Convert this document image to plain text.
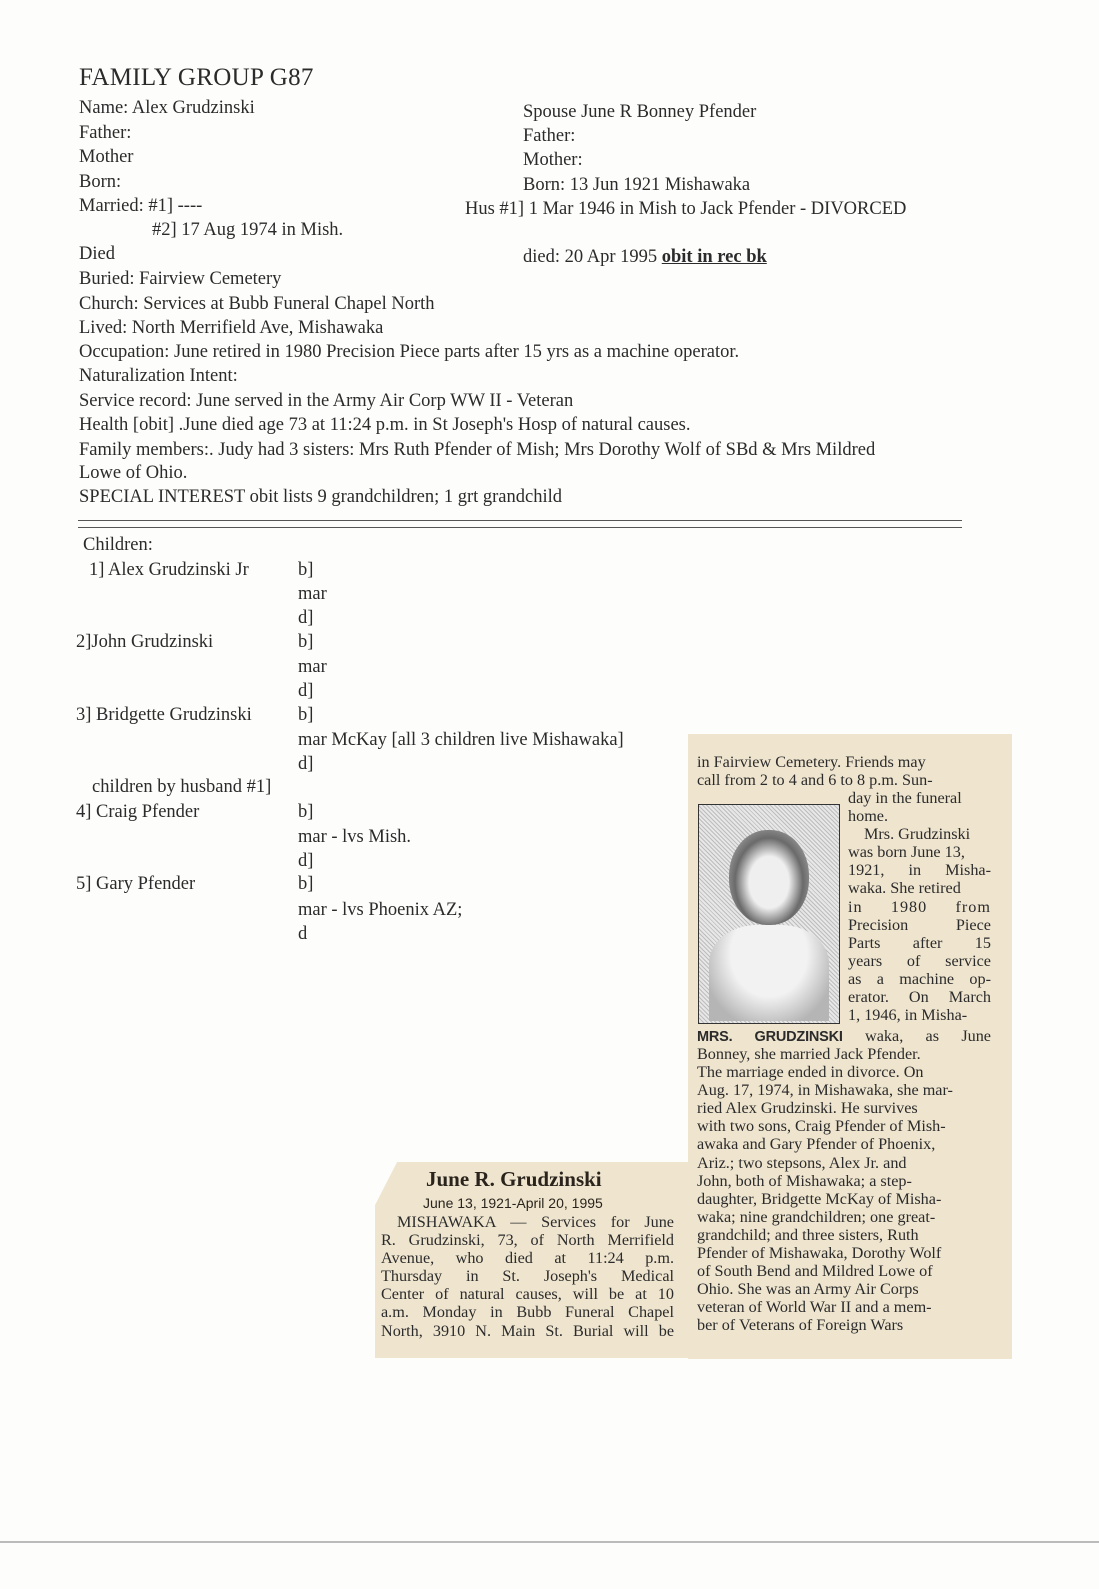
FAMILY GROUP G87
Name: Alex Grudzinski
Father:
Mother
Born:
Married: #1] ----
#2] 17 Aug 1974 in Mish.
Died
Spouse June R Bonney Pfender
Father:
Mother:
Born: 13 Jun 1921 Mishawaka
Hus #1] 1 Mar 1946 in Mish to Jack Pfender - DIVORCED
died: 20 Apr 1995 obit in rec bk
Buried: Fairview Cemetery
Church: Services at Bubb Funeral Chapel North
Lived: North Merrifield Ave, Mishawaka
Occupation: June retired in 1980 Precision Piece parts after 15 yrs as a machine operator.
Naturalization Intent:
Service record: June served in the Army Air Corp WW II - Veteran
Health [obit] .June died age 73 at 11:24 p.m. in St Joseph's Hosp of natural causes.
Family members:. Judy had 3 sisters: Mrs Ruth Pfender of Mish; Mrs Dorothy Wolf of SBd & Mrs Mildred
Lowe of Ohio.
SPECIAL INTEREST obit lists 9 grandchildren; 1 grt grandchild
Children:
1] Alex Grudzinski Jr	b]
mar
d]
2]John Grudzinski	b]
mar
d]
3] Bridgette Grudzinski	b]
mar McKay [all 3 children live Mishawaka]
d]
children by husband #1]
4] Craig Pfender	b]
mar - lvs Mish.
d]
5] Gary Pfender	b]
mar - lvs Phoenix AZ;
d
June R. Grudzinski
June 13, 1921-April 20, 1995
MISHAWAKA — Services for June
R. Grudzinski, 73, of North Merrifield
Avenue, who died at 11:24 p.m.
Thursday in St. Joseph's Medical
Center of natural causes, will be at 10
a.m. Monday in Bubb Funeral Chapel
North, 3910 N. Main St. Burial will be
in Fairview Cemetery. Friends may
call from 2 to 4 and 6 to 8 p.m. Sun-
day in the funeral
home.
Mrs. Grudzinski
was born June 13,
1921, in Misha-
waka. She retired
in 1980 from
Precision Piece
Parts after 15
years of service
as a machine op-
erator. On March
1, 1946, in Misha-
MRS. GRUDZINSKI waka, as June
Bonney, she married Jack Pfender.
The marriage ended in divorce. On
Aug. 17, 1974, in Mishawaka, she mar-
ried Alex Grudzinski. He survives
with two sons, Craig Pfender of Mish-
awaka and Gary Pfender of Phoenix,
Ariz.; two stepsons, Alex Jr. and
John, both of Mishawaka; a step-
daughter, Bridgette McKay of Misha-
waka; nine grandchildren; one great-
grandchild; and three sisters, Ruth
Pfender of Mishawaka, Dorothy Wolf
of South Bend and Mildred Lowe of
Ohio. She was an Army Air Corps
veteran of World War II and a mem-
ber of Veterans of Foreign Wars
